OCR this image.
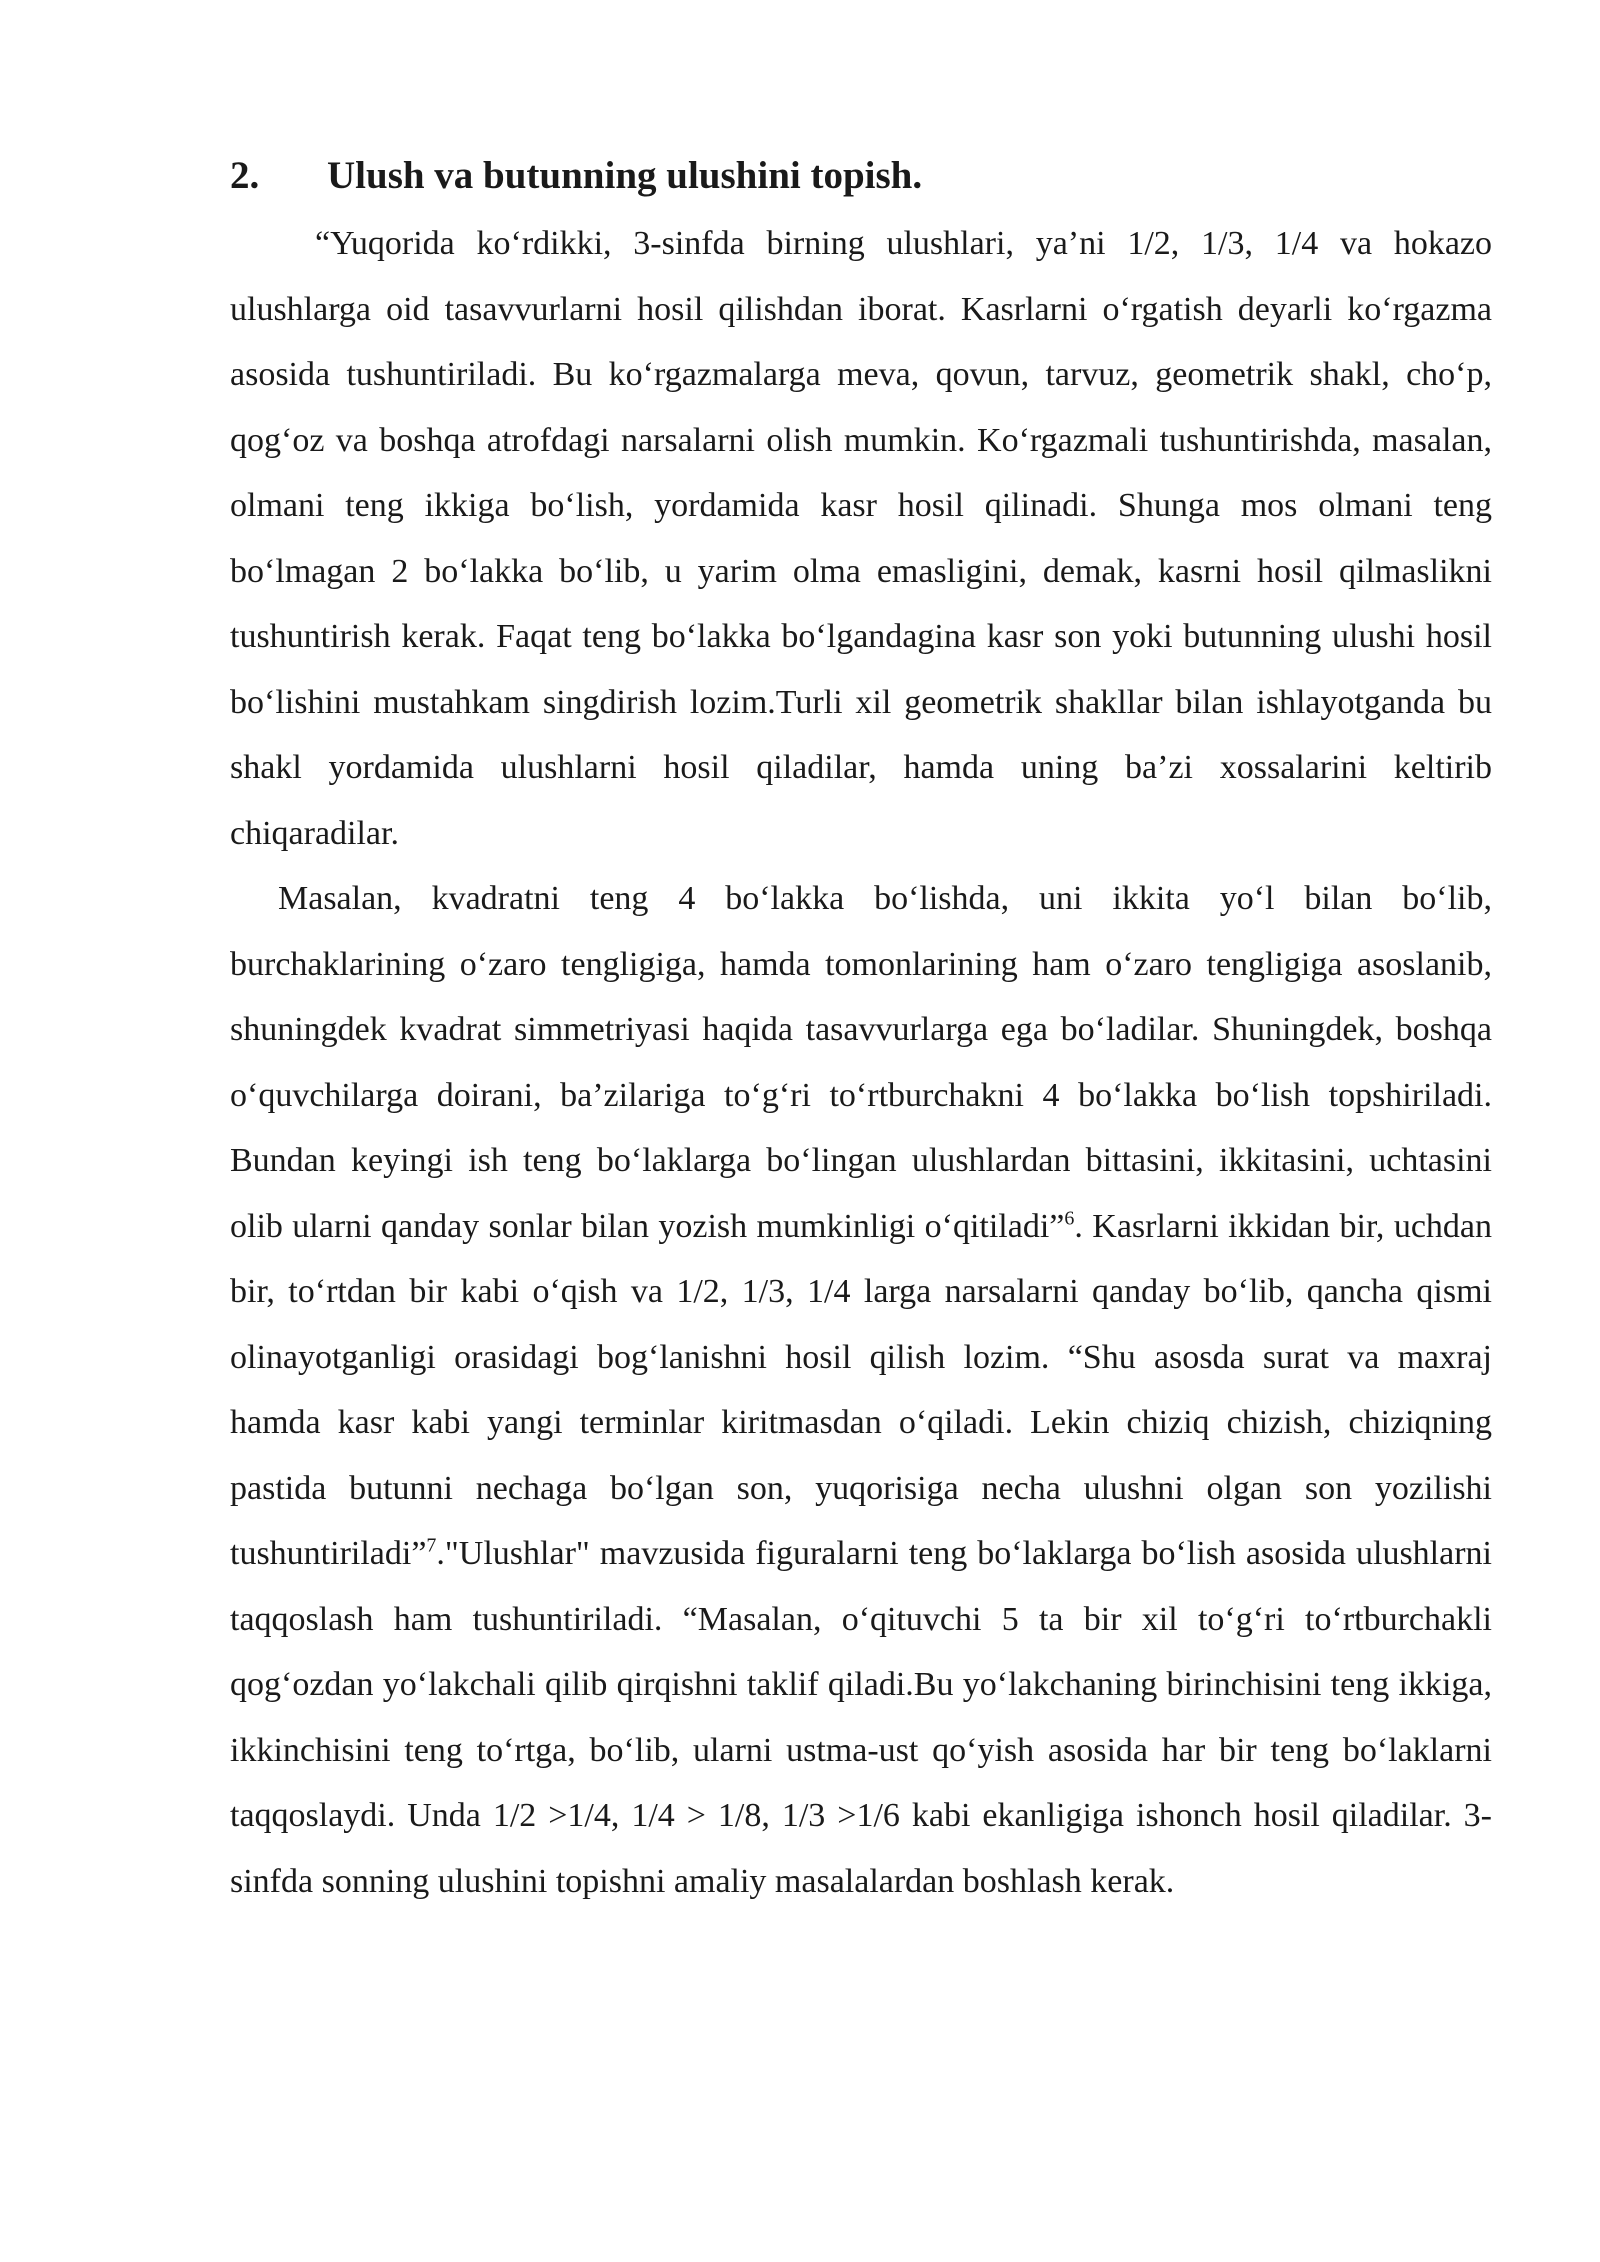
2. Ulush va butunning ulushini topish.

“Yuqorida ko‘rdikki, 3-sinfda birning ulushlari, ya’ni 1/2, 1/3, 1/4 va hokazo ulushlarga oid tasavvurlarni hosil qilishdan iborat. Kasrlarni o‘rgatish deyarli ko‘rgazma asosida tushuntiriladi. Bu ko‘rgazmalarga meva, qovun, tarvuz, geometrik shakl, cho‘p, qog‘oz va boshqa atrofdagi narsalarni olish mumkin. Ko‘rgazmali tushuntirishda, masalan, olmani teng ikkiga bo‘lish, yordamida kasr hosil qilinadi. Shunga mos olmani teng bo‘lmagan 2 bo‘lakka bo‘lib, u yarim olma emasligini, demak, kasrni hosil qilmaslikni tushuntirish kerak. Faqat teng bo‘lakka bo‘lgandagina kasr son yoki butunning ulushi hosil bo‘lishini mustahkam singdirish lozim.Turli xil geometrik shakllar bilan ishlayotganda bu shakl yordamida ulushlarni hosil qiladilar, hamda uning ba’zi xossalarini keltirib chiqaradilar.

Masalan, kvadratni teng 4 bo‘lakka bo‘lishda, uni ikkita yo‘l bilan bo‘lib, burchaklarining o‘zaro tengligiga, hamda tomonlarining ham o‘zaro tengligiga asoslanib, shuningdek kvadrat simmetriyasi haqida tasavvurlarga ega bo‘ladilar. Shuningdek, boshqa o‘quvchilarga doirani, ba’zilariga to‘g‘ri to‘rtburchakni 4 bo‘lakka bo‘lish topshiriladi. Bundan keyingi ish teng bo‘laklarga bo‘lingan ulushlardan bittasini, ikkitasini, uchtasini olib ularni qanday sonlar bilan yozish mumkinligi o‘qitiladi”$^6$. Kasrlarni ikkidan bir, uchdan bir, to‘rtdan bir kabi o‘qish va 1/2, 1/3, 1/4 larga narsalarni qanday bo‘lib, qancha qismi olinayotganligi orasidagi bog‘lanishni hosil qilish lozim. “Shu asosda surat va maxraj hamda kasr kabi yangi terminlar kiritmasdan o‘qiladi. Lekin chiziq chizish, chiziqning pastida butunni nechaga bo‘lgan son, yuqorisiga necha ulushni olgan son yozilishi tushuntiriladi”$^7$."Ulushlar" mavzusida figuralarni teng bo‘laklarga bo‘lish asosida ulushlarni taqqoslash ham tushuntiriladi. “Masalan, o‘qituvchi 5 ta bir xil to‘g‘ri to‘rtburchakli qog‘ozdan yo‘lakchali qilib qirqishni taklif qiladi.Bu yo‘lakchaning birinchisini teng ikkiga, ikkinchisini teng to‘rtga, bo‘lib, ularni ustma-ust qo‘yish asosida har bir teng bo‘laklarni taqqoslaydi. Unda 1/2 >1/4, 1/4 > 1/8, 1/3 >1/6 kabi ekanligiga ishonch hosil qiladilar. 3-sinfda sonning ulushini topishni amaliy masalalardan boshlash kerak.
